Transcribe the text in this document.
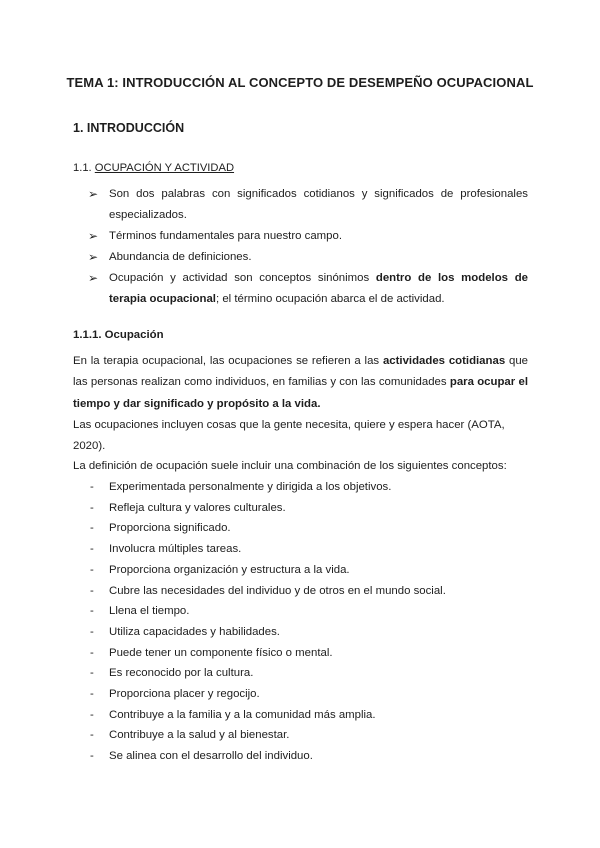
TEMA 1: INTRODUCCIÓN AL CONCEPTO DE DESEMPEÑO OCUPACIONAL
1. INTRODUCCIÓN
1.1. OCUPACIÓN Y ACTIVIDAD
➢ Son dos palabras con significados cotidianos y significados de profesionales especializados.
➢ Términos fundamentales para nuestro campo.
➢ Abundancia de definiciones.
➢ Ocupación y actividad son conceptos sinónimos dentro de los modelos de terapia ocupacional; el término ocupación abarca el de actividad.
1.1.1. Ocupación

En la terapia ocupacional, las ocupaciones se refieren a las actividades cotidianas que las personas realizan como individuos, en familias y con las comunidades para ocupar el tiempo y dar significado y propósito a la vida.

Las ocupaciones incluyen cosas que la gente necesita, quiere y espera hacer (AOTA, 2020).

La definición de ocupación suele incluir una combinación de los siguientes conceptos:

- Experimentada personalmente y dirigida a los objetivos.
- Refleja cultura y valores culturales.
- Proporciona significado.
- Involucra múltiples tareas.
- Proporciona organización y estructura a la vida.
- Cubre las necesidades del individuo y de otros en el mundo social.
- Llena el tiempo.
- Utiliza capacidades y habilidades.
- Puede tener un componente físico o mental.
- Es reconocido por la cultura.
- Proporciona placer y regocijo.
- Contribuye a la familia y a la comunidad más amplia.
- Contribuye a la salud y al bienestar.
- Se alinea con el desarrollo del individuo.
